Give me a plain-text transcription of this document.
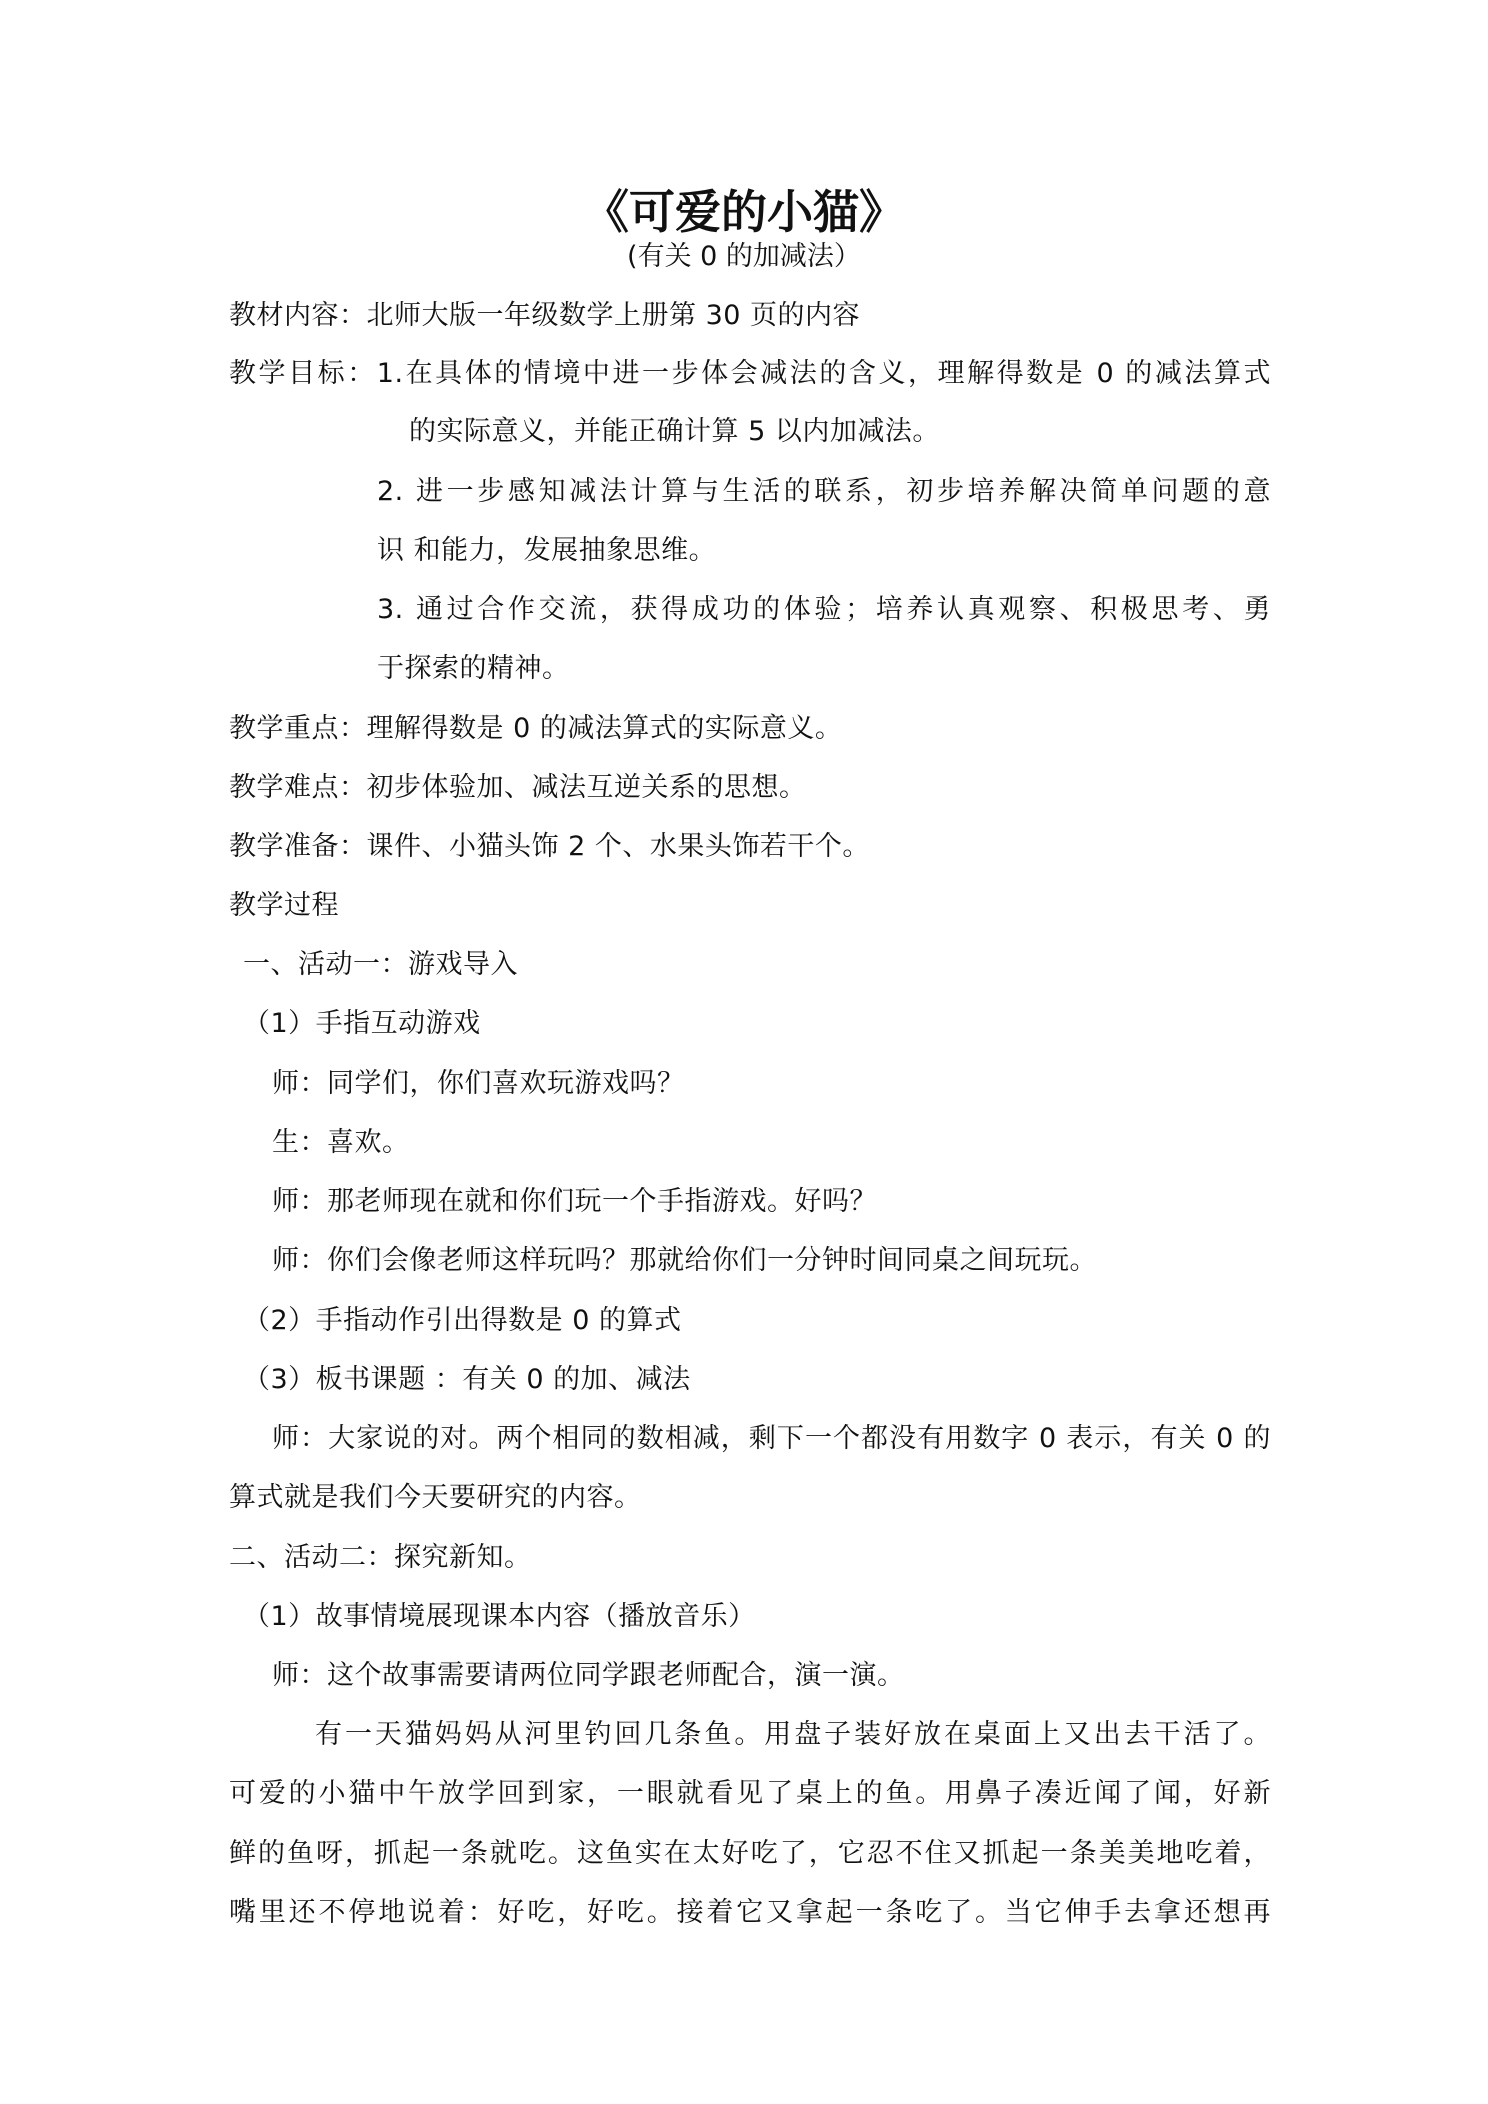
《可爱的小猫》
(有关 0 的加减法）
教材内容：北师大版一年级数学上册第 30 页的内容
教学目标：1.在具体的情境中进一步体会减法的含义，理解得数是 0 的减法算式
的实际意义，并能正确计算 5 以内加减法。
2. 进一步感知减法计算与生活的联系，初步培养解决简单问题的意
识 和能力，发展抽象思维。
3. 通过合作交流，获得成功的体验；培养认真观察、积极思考、勇
于探索的精神。
教学重点：理解得数是 0 的减法算式的实际意义。
教学难点：初步体验加、减法互逆关系的思想。
教学准备：课件、小猫头饰 2 个、水果头饰若干个。
教学过程
一、活动一：游戏导入
（1）手指互动游戏
师：同学们，你们喜欢玩游戏吗？
生：喜欢。
师：那老师现在就和你们玩一个手指游戏。好吗？
师：你们会像老师这样玩吗？那就给你们一分钟时间同桌之间玩玩。
（2）手指动作引出得数是 0 的算式
（3）板书课题 ：有关 0 的加、减法
师：大家说的对。两个相同的数相减，剩下一个都没有用数字 0 表示，有关 0 的
算式就是我们今天要研究的内容。
二、活动二：探究新知。
（1）故事情境展现课本内容（播放音乐）
师：这个故事需要请两位同学跟老师配合，演一演。
有一天猫妈妈从河里钓回几条鱼。用盘子装好放在桌面上又出去干活了。
可爱的小猫中午放学回到家，一眼就看见了桌上的鱼。用鼻子凑近闻了闻，好新
鲜的鱼呀，抓起一条就吃。这鱼实在太好吃了，它忍不住又抓起一条美美地吃着，
嘴里还不停地说着：好吃，好吃。接着它又拿起一条吃了。当它伸手去拿还想再
